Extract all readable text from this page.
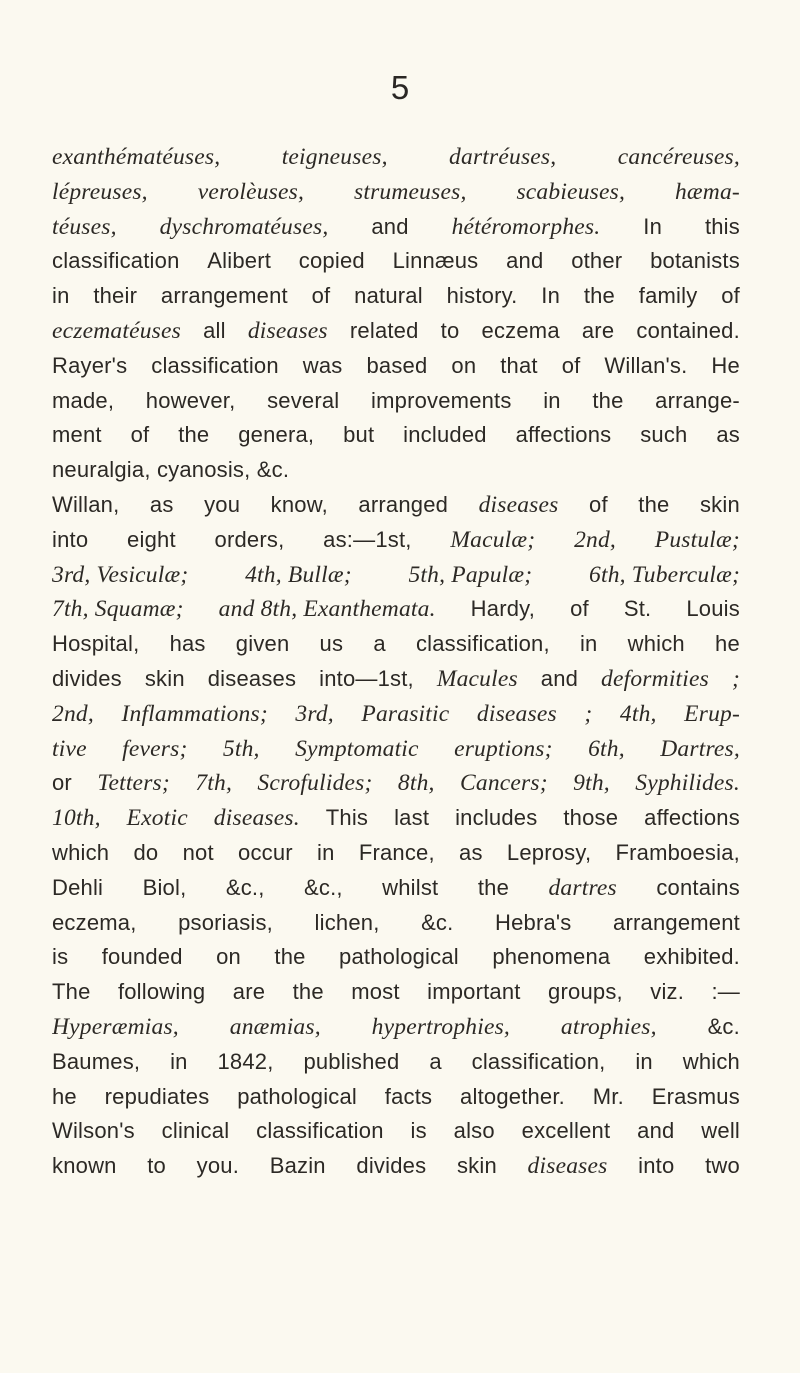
5
exanthématéuses,	teigneuses,	dartréuses,	cancéreuses,
lépreuses, verolèuses, strumeuses, scabieuses, hæma-
téuses, dyschromatéuses, and hétéromorphes. In this
classification Alibert copied Linnæus and other botanists
in their arrangement of natural history. In the family of
eczematéuses all diseases related to eczema are contained.
Rayer's classification was based on that of Willan's. He
made, however, several improvements in the arrange-
ment of the genera, but included affections such as
neuralgia, cyanosis, &c.
Willan, as you know, arranged diseases of the skin
into eight orders, as:—1st, Maculæ; 2nd, Pustulæ;
3rd, Vesiculæ; 4th, Bullæ; 5th, Papulæ; 6th, Tuberculæ;
7th, Squamæ; and 8th, Exanthemata. Hardy, of St. Louis
Hospital, has given us a classification, in which he
divides skin diseases into—1st, Macules and deformities ;
2nd, Inflammations; 3rd, Parasitic diseases ; 4th, Erup-
tive fevers; 5th, Symptomatic eruptions; 6th, Dartres,
or Tetters; 7th, Scrofulides; 8th, Cancers; 9th, Syphilides.
10th, Exotic diseases. This last includes those affections
which do not occur in France, as Leprosy, Framboesia,
Dehli Biol, &c., &c., whilst the dartres contains
eczema, psoriasis, lichen, &c. Hebra's arrangement
is founded on the pathological phenomena exhibited.
The following are the most important groups, viz. :—
Hyperæmias, anæmias, hypertrophies, atrophies, &c.
Baumes, in 1842, published a classification, in which
he repudiates pathological facts altogether. Mr. Erasmus
Wilson's clinical classification is also excellent and well
known to you. Bazin divides skin diseases into two
